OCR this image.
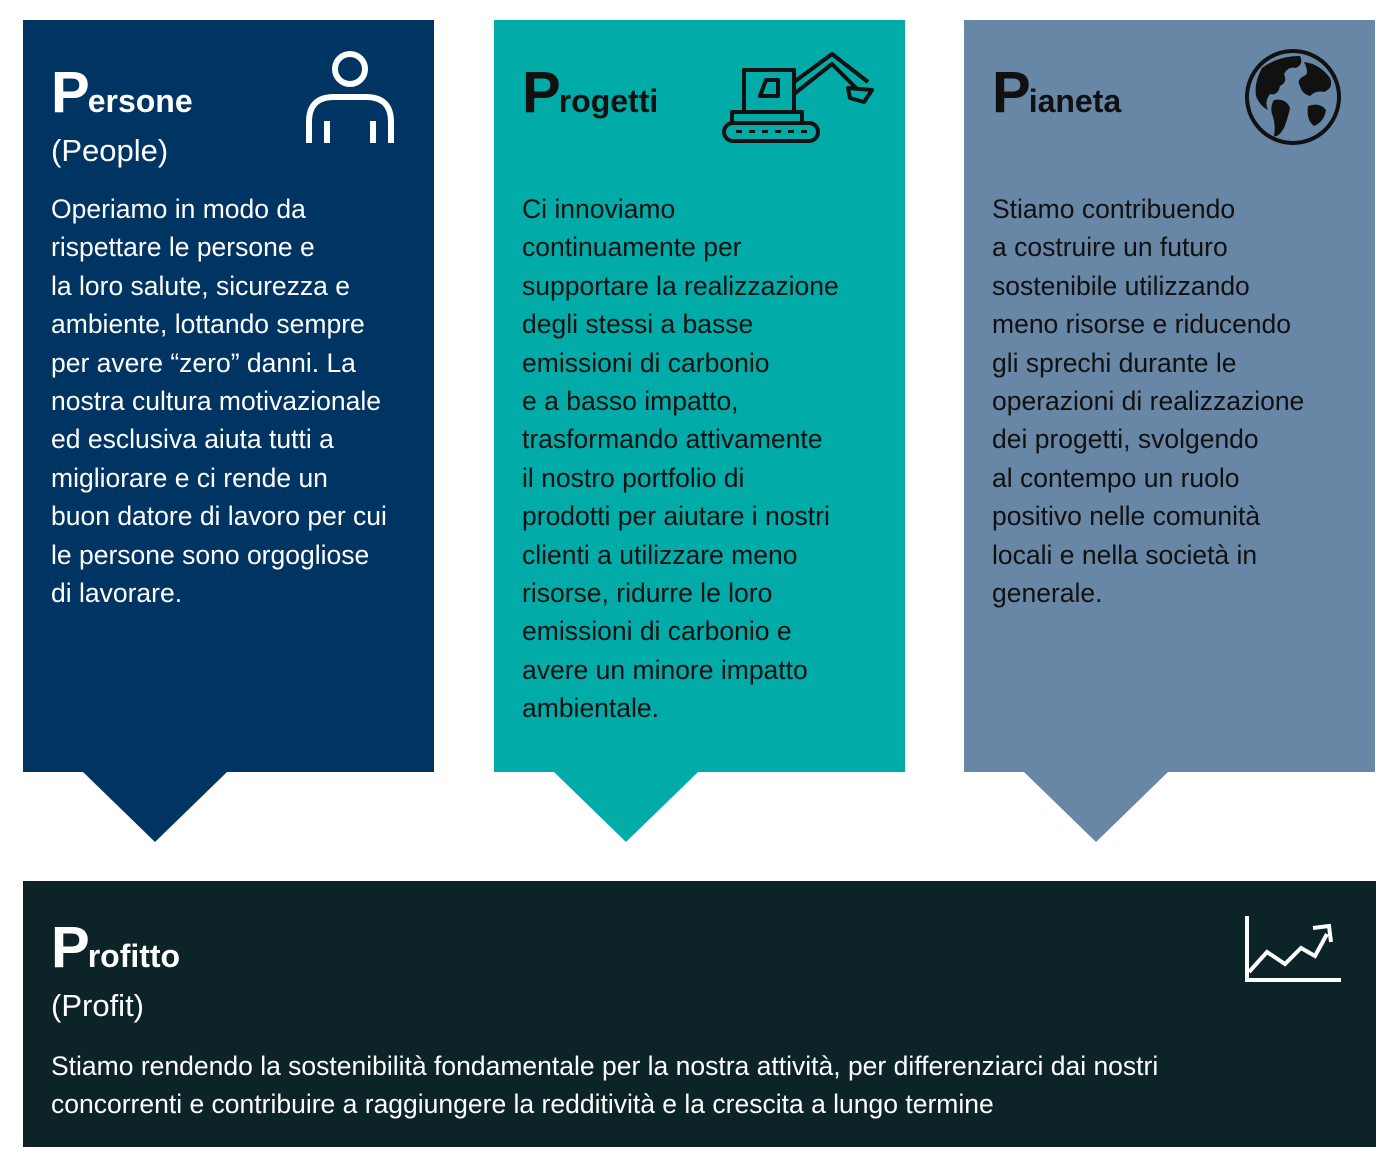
Persone
(People)
Operiamo in modo da
rispettare le persone e
la loro salute, sicurezza e
ambiente, lottando sempre
per avere “zero” danni. La
nostra cultura motivazionale
ed esclusiva aiuta tutti a
migliorare e ci rende un
buon datore di lavoro per cui
le persone sono orgogliose
di lavorare.
Progetti
Ci innoviamo
continuamente per
supportare la realizzazione
degli stessi a basse
emissioni di carbonio
e a basso impatto,
trasformando attivamente
il nostro portfolio di
prodotti per aiutare i nostri
clienti a utilizzare meno
risorse, ridurre le loro
emissioni di carbonio e
avere un minore impatto
ambientale.
Pianeta
Stiamo contribuendo
a costruire un futuro
sostenibile utilizzando
meno risorse e riducendo
gli sprechi durante le
operazioni di realizzazione
dei progetti, svolgendo
al contempo un ruolo
positivo nelle comunità
locali e nella società in
generale.
Profitto
(Profit)
Stiamo rendendo la sostenibilità fondamentale per la nostra attività, per differenziarci dai nostri
concorrenti e contribuire a raggiungere la redditività e la crescita a lungo termine
